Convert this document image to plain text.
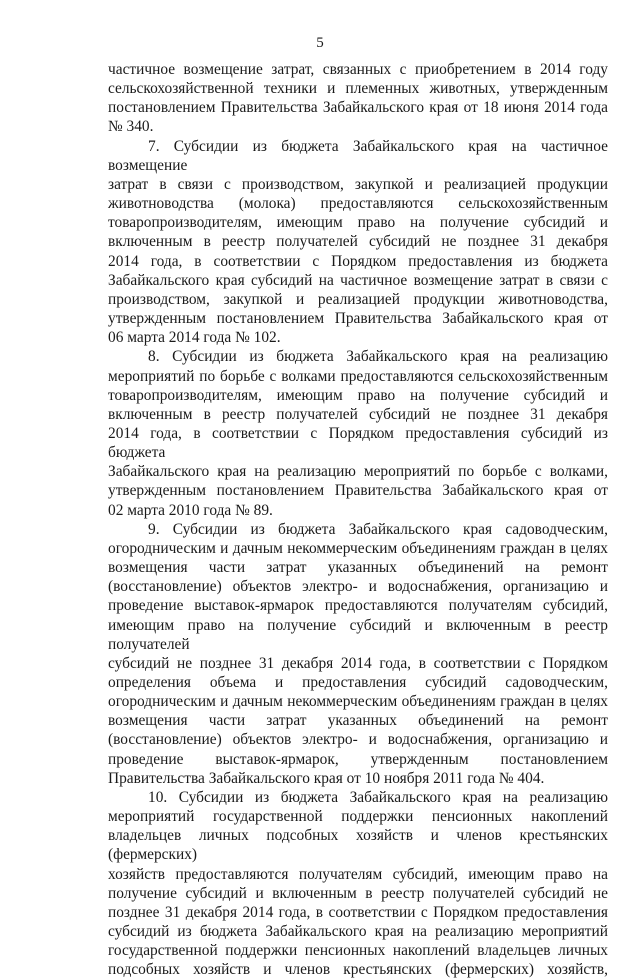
5

частичное возмещение затрат, связанных с приобретением в 2014 году

сельскохозяйственной техники и племенных животных, утвержденным

постановлением Правительства Забайкальского края от 18 июня 2014 года

№ 340.

7. Субсидии из бюджета Забайкальского края на частичное возмещение

затрат в связи с производством, закупкой и реализацией продукции

животноводства (молока) предоставляются сельскохозяйственным

товаропроизводителям, имеющим право на получение субсидий и

включенным в реестр получателей субсидий не позднее 31 декабря

2014 года, в соответствии с Порядком предоставления из бюджета

Забайкальского края субсидий на частичное возмещение затрат в связи с

производством, закупкой и реализацией продукции животноводства,

утвержденным постановлением Правительства Забайкальского края от

06 марта 2014 года № 102.

8. Субсидии из бюджета Забайкальского края на реализацию

мероприятий по борьбе с волками предоставляются сельскохозяйственным

товаропроизводителям, имеющим право на получение субсидий и

включенным в реестр получателей субсидий не позднее 31 декабря

2014 года, в соответствии с Порядком предоставления субсидий из бюджета

Забайкальского края на реализацию мероприятий по борьбе с волками,

утвержденным постановлением Правительства Забайкальского края от

02 марта 2010 года № 89.

9. Субсидии из бюджета Забайкальского края садоводческим,

огородническим и дачным некоммерческим объединениям граждан в целях

возмещения части затрат указанных объединений на ремонт

(восстановление) объектов электро- и водоснабжения, организацию и

проведение выставок-ярмарок предоставляются получателям субсидий,

имеющим право на получение субсидий и включенным в реестр получателей

субсидий не позднее 31 декабря 2014 года, в соответствии с Порядком

определения объема и предоставления субсидий садоводческим,

огородническим и дачным некоммерческим объединениям граждан в целях

возмещения части затрат указанных объединений на ремонт

(восстановление) объектов электро- и водоснабжения, организацию и

проведение выставок-ярмарок, утвержденным постановлением

Правительства Забайкальского края от 10 ноября 2011 года № 404.

10. Субсидии из бюджета Забайкальского края на реализацию

мероприятий государственной поддержки пенсионных накоплений

владельцев личных подсобных хозяйств и членов крестьянских (фермерских)

хозяйств предоставляются получателям субсидий, имеющим право на

получение субсидий и включенным в реестр получателей субсидий не

позднее 31 декабря 2014 года, в соответствии с Порядком предоставления

субсидий из бюджета Забайкальского края на реализацию мероприятий

государственной поддержки пенсионных накоплений владельцев личных

подсобных хозяйств и членов крестьянских (фермерских) хозяйств,
